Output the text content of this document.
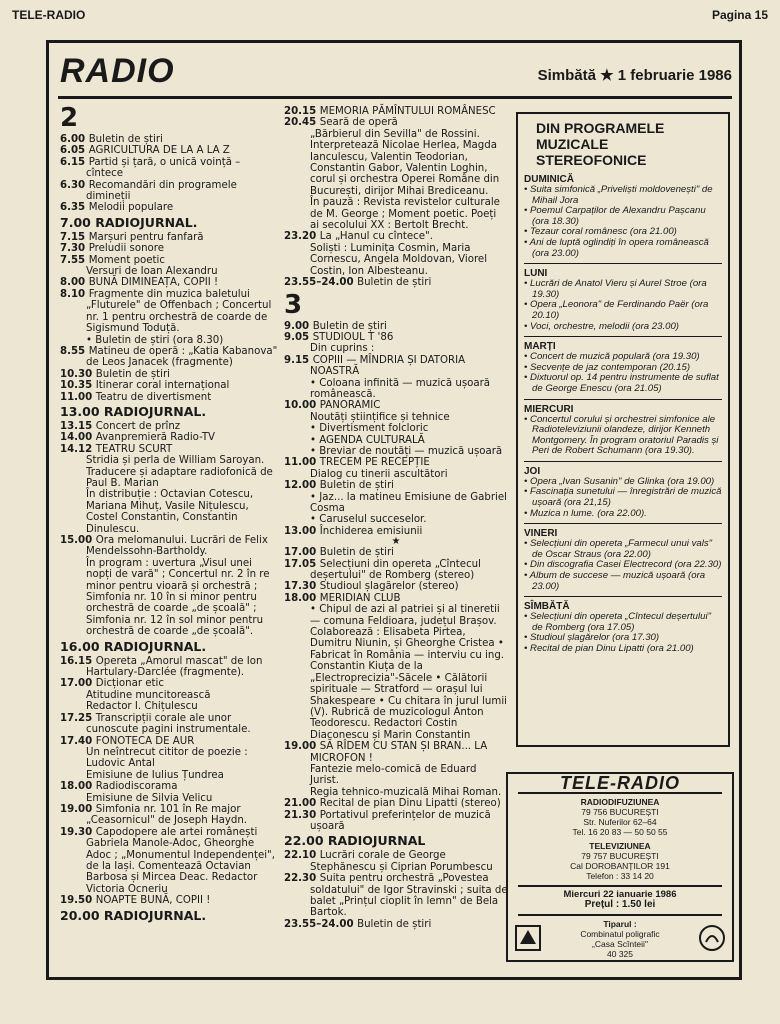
TELE-RADIO	Pagina 15
RADIO	Simbătă ★ 1 februarie 1986
2
6.00 Buletin de știri
6.05 AGRICULTURA DE LA A LA Z
6.15 Partid și țară, o unică voință – cîntece
6.30 Recomandări din programele dimineții
6.35 Melodii populare
7.00 RADIOJURNAL.
7.15 Marșuri pentru fanfară
7.30 Preludii sonore
7.55 Moment poetic
Versuri de Ioan Alexandru
8.00 BUNĂ DIMINEAȚA, COPII !
8.10 Fragmente din muzica baletului „Fluturele" de Offenbach ; Concertul nr. 1 pentru orchestră de coarde de Sigismund Toduță.
• Buletin de știri (ora 8.30)
8.55 Matineu de operă : „Katia Kabanova" de Leos Janacek (fragmente)
10.30 Buletin de știri
10.35 Itinerar coral internațional
11.00 Teatru de divertisment
13.00 RADIOJURNAL.
13.15 Concert de prînz
14.00 Avanpremieră Radio-TV
14.12 TEATRU SCURT
Stridia și perla de William Saroyan.
Traducere și adaptare radiofonică de Paul B. Marian
În distribuție : Octavian Cotescu, Mariana Mihuț, Vasile Nițulescu, Costel Constantin, Constantin Dinulescu.
15.00 Ora melomanului. Lucrări de Felix Mendelssohn-Bartholdy.
În program : uvertura „Visul unei nopți de vară" ; Concertul nr. 2 în re minor pentru vioară și orchestră ; Simfonia nr. 10 în si minor pentru orchestră de coarde „de școală" ; Simfonia nr. 12 în sol minor pentru orchestră de coarde „de școală".
16.00 RADIOJURNAL.
16.15 Opereta „Amorul mascat" de Ion Hartulary-Darclée (fragmente).
17.00 Dicționar etic
Atitudine muncitorească
Redactor I. Chițulescu
17.25 Transcripții corale ale unor cunoscute pagini instrumentale.
17.40 FONOTECA DE AUR
Un neîntrecut cititor de poezie : Ludovic Antal
Emisiune de Iulius Țundrea
18.00 Radiodiscorama
Emisiune de Silvia Velicu
19.00 Simfonia nr. 101 în Re major „Ceasornicul" de Joseph Haydn.
19.30 Capodopere ale artei românești Gabriela Manole-Adoc, Gheorghe Adoc ; „Monumentul Independenței", de la Iași. Comentează Octavian Barbosa și Mircea Deac. Redactor Victoria Ocneriu
19.50 NOAPTE BUNĂ, COPII !
20.00 RADIOJURNAL.
20.15 MEMORIA PĂMÎNTULUI ROMÂNESC
20.45 Seară de operă
„Bărbierul din Sevilla" de Rossini. Interpretează Nicolae Herlea, Magda Ianculescu, Valentin Teodorian, Constantin Gabor, Valentin Loghin, corul și orchestra Operei Române din București, dirijor Mihai Brediceanu.
În pauză : Revista revistelor culturale de M. George ; Moment poetic. Poeți ai secolului XX : Bertolt Brecht.
23.20 La „Hanul cu cîntece".
Soliști : Luminița Cosmin, Maria Cornescu, Angela Moldovan, Viorel Costin, Ion Albesteanu.
23.55–24.00 Buletin de știri
3
9.00 Buletin de știri
9.05 STUDIOUL T '86
Din cuprins :
9.15 COPIII — MÎNDRIA ȘI DATORIA NOASTRĂ
• Coloana infinită — muzică ușoară românească.
10.00 PANORAMIC
Noutăți științifice și tehnice
• Divertisment folcloric
• AGENDA CULTURALĂ
• Breviar de noutăți — muzică ușoară
11.00 TRECEM PE RECEPȚIE
Dialog cu tinerii ascultători
12.00 Buletin de știri
• Jaz... la matineu Emisiune de Gabriel Cosma
• Caruselul succeselor.
13.00 Închiderea emisiunii
★
17.00 Buletin de știri
17.05 Selecțiuni din opereta „Cîntecul deșertului" de Romberg (stereo)
17.30 Studioul șlagărelor (stereo)
18.00 MERIDIAN CLUB
• Chipul de azi al patriei și al tineretii — comuna Feldioara, județul Brașov. Colaborează : Elisabeta Pirtea, Dumitru Niunin, și Gheorghe Cristea • Fabricat în România — interviu cu ing. Constantin Kiuța de la „Electroprecizia"-Săcele • Călătorii spirituale — Stratford — orașul lui Shakespeare • Cu chitara în jurul lumii (V). Rubrică de muzicologul Anton Teodorescu. Redactori Costin Diaconescu și Marin Constantin
19.00 SĂ RÎDEM CU STAN ȘI BRAN... LA MICROFON !
Fantezie melo-comică de Eduard Jurist.
Regia tehnico-muzicală Mihai Roman.
21.00 Recital de pian Dinu Lipatti (stereo)
21.30 Portativul preferințelor de muzică ușoară
22.00 RADIOJURNAL
22.10 Lucrări corale de George Stephănescu și Ciprian Porumbescu
22.30 Suita pentru orchestră „Povestea soldatului" de Igor Stravinski ; suita de balet „Prințul cioplit în lemn" de Bela Bartok.
23.55–24.00 Buletin de știri
DIN PROGRAMELE MUZICALE STEREOFONICE
DUMINICĂ
• Suita simfonică „Priveliști moldovenești" de Mihail Jora
• Poemul Carpaților de Alexandru Pașcanu (ora 18.30)
• Tezaur coral românesc (ora 21.00)
• Ani de luptă oglindiți în opera românească (ora 23.00)
LUNI
• Lucrări de Anatol Vieru și Aurel Stroe (ora 19.30)
• Opera „Leonora" de Ferdinando Paër (ora 20.10)
• Voci, orchestre, melodii (ora 23.00)
MARȚI
• Concert de muzică populară (ora 19.30)
• Secvențe de jaz contemporan (20.15)
• Dixtuorul op. 14 pentru instrumente de suflat de George Enescu (ora 21.05)
MIERCURI
• Concertul corului și orchestrei simfonice ale Radioteleviziunii olandeze, dirijor Kenneth Montgomery. În program oratoriul Paradis și Peri de Robert Schumann (ora 19.30).
JOI
• Opera „Ivan Susanin" de Glinka (ora 19.00)
• Fascinația sunetului — înregistrări de muzică ușoară (ora 21,15)
• Muzica n lume. (ora 22.00).
VINERI
• Selecțiuni din opereta „Farmecul unui vals" de Oscar Straus (ora 22.00)
• Din discografia Casei Electrecord (ora 22.30)
• Album de succese — muzică ușoară (ora 23.00)
SÎMBĂTĂ
• Selecțiuni din opereta „Cîntecul deșertului" de Romberg (ora 17.05)
• Studioul șlagărelor (ora 17.30)
• Recital de pian Dinu Lipatti (ora 21.00)
TELE-RADIO
RADIODIFUZIUNEA
79 756 BUCUREȘTI
Str. Nuferilor 62–64
Tel. 16 20 83 — 50 50 55
TELEVIZIUNEA
79 757 BUCUREȘTI
Cal DOROBANȚILOR 191
Telefon : 33 14 20
Miercuri 22 ianuarie 1986
Prețul : 1.50 lei
Tiparul :
Combinatul poligrafic
„Casa Scînteii"
40 325
